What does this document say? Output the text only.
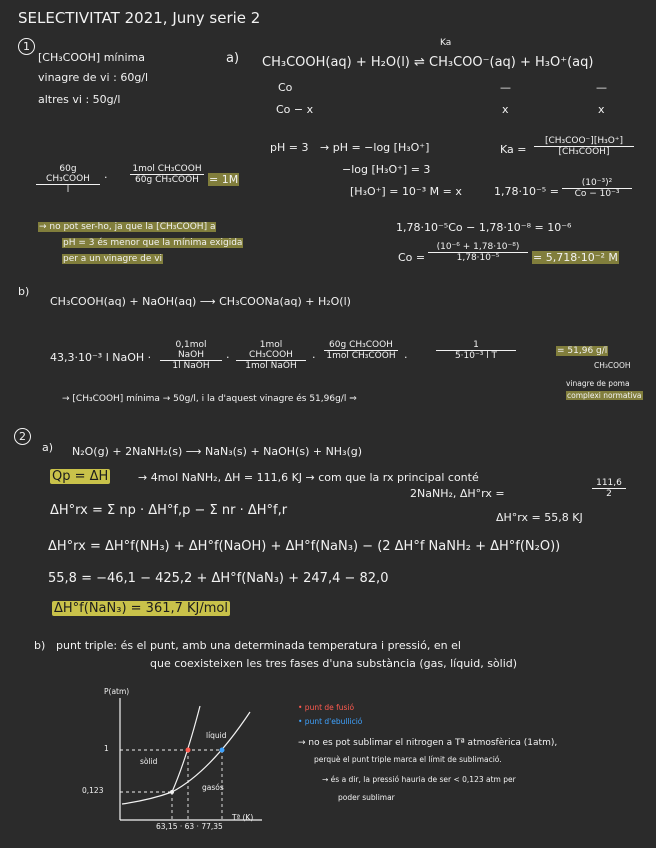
SELECTIVITAT 2021, Juny serie 2
1
[CH₃COOH] mínima
vinagre de vi : 60g/l
altres vi : 50g/l
a)
Ka
CH₃COOH(aq) + H₂O(l) ⇌ CH₃COO⁻(aq) + H₃O⁺(aq)
Co
Co − x
—	—
x	x
60g CH₃COOH
l
·
1mol CH₃COOH
60g CH₃COOH = 1M
pH = 3 → pH = −log [H₃O⁺]
−log [H₃O⁺] = 3
[H₃O⁺] = 10⁻³ M = x
Ka =
[CH₃COO⁻][H₃O⁺]
[CH₃COOH]
$1,78\cdot 10^{-5} = \frac{\text{(10⁻³)²}}{\text{Co − 10⁻³}}$
→ no pot ser-ho, ja que la [CH₃COOH] a
pH = 3 és menor que la mínima exigida
per a un vinagre de vi
1,78·10⁻⁵Co − 1,78·10⁻⁸ = 10⁻⁶
$Co = \frac{\text{(10⁻⁶ + 1,78·10⁻⁸)}}{\text{1,78·10⁻⁵}} = 5,718\cdot 10^{-2}$ M
b)
CH₃COOH(aq) + NaOH(aq) ⟶ CH₃COONa(aq) + H₂O(l)
43,3·10⁻³ l NaOH ·
0,1mol NaOH
1l NaOH
·
1mol CH₃COOH
1mol NaOH
·
60g CH₃COOH
1mol CH₃COOH ·	$\frac{1}{\text{5·10⁻³ l T}}$	= 51,96 g/l
CH₃COOH
→ [CH₃COOH] mínima → 50g/l, i la d'aquest vinagre és 51,96g/l ⇒
vinagre de poma
complexi normativa
2
a) N₂O(g) + 2NaNH₂(s) ⟶ NaN₃(s) + NaOH(s) + NH₃(g)
Qp = ΔH	→ 4mol NaNH₂, ΔH = 111,6 KJ → com que la rx principal conté
2NaNH₂, ΔH°rx =	$\frac{111,6}{2}$
ΔH°rx = Σ np · ΔH°f,p − Σ nr · ΔH°f,r	ΔH°rx = 55,8 KJ
ΔH°rx = ΔH°f(NH₃) + ΔH°f(NaOH) + ΔH°f(NaN₃) − (2 ΔH°f NaNH₂ + ΔH°f(N₂O))
55,8 = −46,1 − 425,2 + ΔH°f(NaN₃) + 247,4 − 82,0
ΔH°f(NaN₃) = 361,7 KJ/mol
b) punt triple: és el punt, amb una determinada temperatura i pressió, en el
que coexisteixen les tres fases d'una substància (gas, líquid, sòlid)
P(atm)
Tª (K)
1
0,123
sòlid
líquid
gasós
63,15 · 63 · 77,35
• punt de fusió
• punt d'ebullició
→ no es pot sublimar el nitrogen a Tª atmosfèrica (1atm),
perquè el punt triple marca el límit de sublimació.
→ és a dir, la pressió hauria de ser < 0,123 atm per
poder sublimar
